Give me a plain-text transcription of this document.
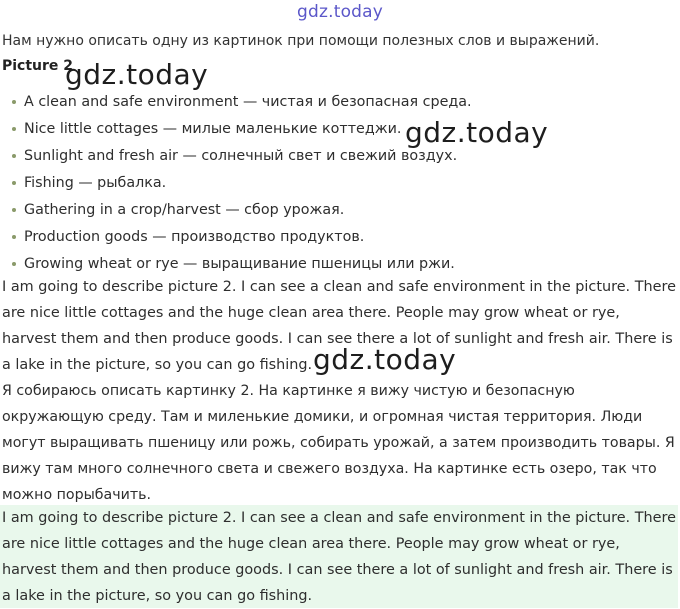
gdz.today
Нам нужно описать одну из картинок при помощи полезных слов и выражений.
Picture 2
gdz.today
gdz.today
gdz.today
A clean and safe environment — чистая и безопасная среда.
Nice little cottages — милые маленькие коттеджи.
Sunlight and fresh air — солнечный свет и свежий воздух.
Fishing — рыбалка.
Gathering in a crop/harvest — сбор урожая.
Production goods — производство продуктов.
Growing wheat or rye — выращивание пшеницы или ржи.

I am going to describe picture 2. I can see a clean and safe environment in the picture. There
are nice little cottages and the huge clean area there. People may grow wheat or rye,
harvest them and then produce goods. I can see there a lot of sunlight and fresh air. There is
a lake in the picture, so you can go fishing.

Я собираюсь описать картинку 2. На картинке я вижу чистую и безопасную
окружающую среду. Там и миленькие домики, и огромная чистая территория. Люди
могут выращивать пшеницу или рожь, собирать урожай, а затем производить товары. Я
вижу там много солнечного света и свежего воздуха. На картинке есть озеро, так что
можно порыбачить.

I am going to describe picture 2. I can see a clean and safe environment in the picture. There
are nice little cottages and the huge clean area there. People may grow wheat or rye,
harvest them and then produce goods. I can see there a lot of sunlight and fresh air. There is
a lake in the picture, so you can go fishing.
